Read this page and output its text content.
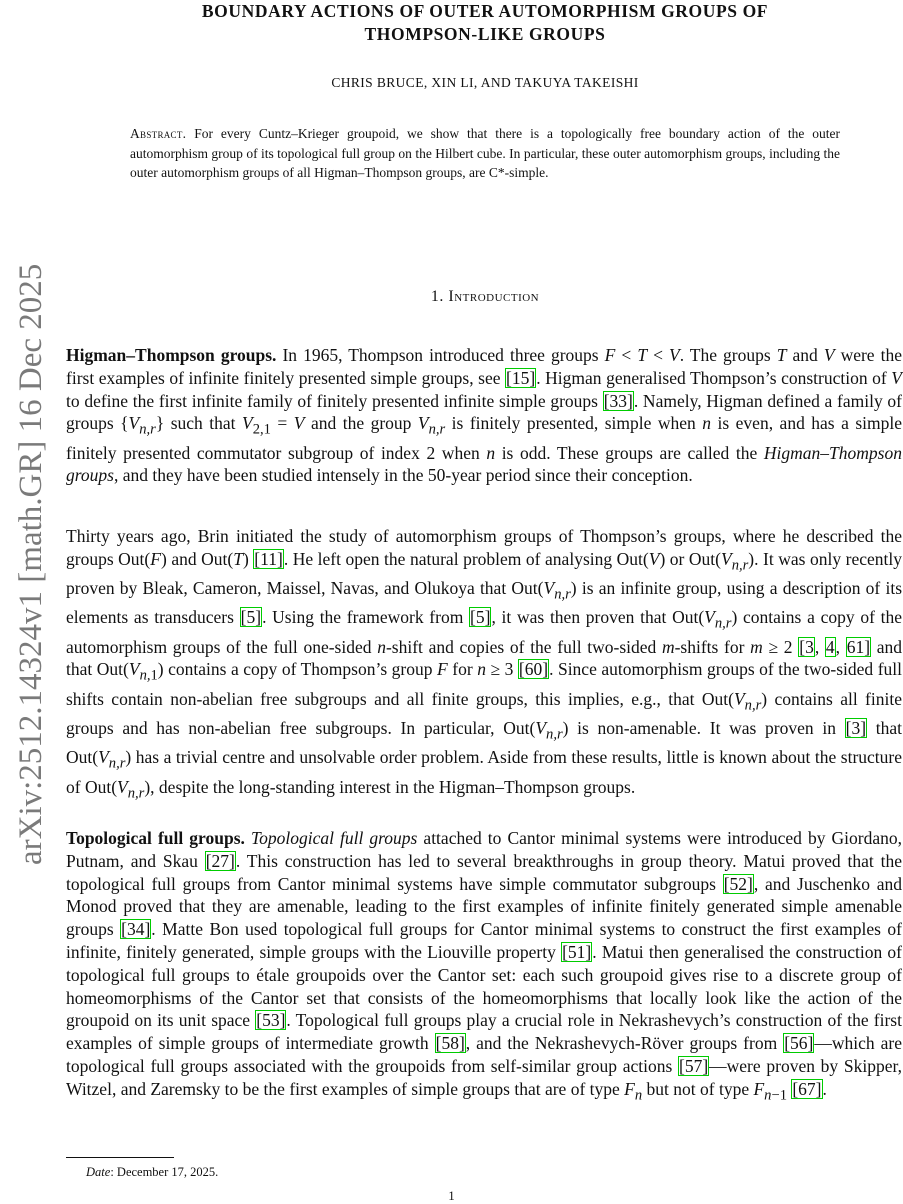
arXiv:2512.14324v1 [math.GR] 16 Dec 2025
BOUNDARY ACTIONS OF OUTER AUTOMORPHISM GROUPS OF
THOMPSON-LIKE GROUPS
CHRIS BRUCE, XIN LI, AND TAKUYA TAKEISHI
Abstract. For every Cuntz–Krieger groupoid, we show that there is a topologically free boundary action of the outer automorphism group of its topological full group on the Hilbert cube. In particular, these outer automorphism groups, including the outer automorphism groups of all Higman–Thompson groups, are C*-simple.
1. Introduction

Higman–Thompson groups. In 1965, Thompson introduced three groups F < T < V. The groups T and V were the first examples of infinite finitely presented simple groups, see [15]. Higman generalised Thompson’s construction of V to define the first infinite family of finitely presented infinite simple groups [33]. Namely, Higman defined a family of groups $\{V_{n,r}\}$ such that $V_{2,1} = V$ and the group $V_{n,r}$ is finitely presented, simple when n is even, and has a simple finitely presented commutator subgroup of index 2 when n is odd. These groups are called the Higman–Thompson groups, and they have been studied intensely in the 50-year period since their conception.

Thirty years ago, Brin initiated the study of automorphism groups of Thompson’s groups, where he described the groups Out(F) and Out(T) [11]. He left open the natural problem of analysing Out(V) or $Out(V_{n,r})$. It was only recently proven by Bleak, Cameron, Maissel, Navas, and Olukoya that $Out(V_{n,r})$ is an infinite group, using a description of its elements as transducers [5]. Using the framework from [5], it was then proven that $Out(V_{n,r})$ contains a copy of the automorphism groups of the full one-sided n-shift and copies of the full two-sided m-shifts for m ≥ 2 [3, 4, 61] and that $Out(V_{n,1})$ contains a copy of Thompson’s group F for n ≥ 3 [60]. Since automorphism groups of the two-sided full shifts contain non-abelian free subgroups and all finite groups, this implies, e.g., that $Out(V_{n,r})$ contains all finite groups and has non-abelian free subgroups. In particular, $Out(V_{n,r})$ is non-amenable. It was proven in [3] that $Out(V_{n,r})$ has a trivial centre and unsolvable order problem. Aside from these results, little is known about the structure of $Out(V_{n,r})$, despite the long-standing interest in the Higman–Thompson groups.

Topological full groups. Topological full groups attached to Cantor minimal systems were introduced by Giordano, Putnam, and Skau [27]. This construction has led to several breakthroughs in group theory. Matui proved that the topological full groups from Cantor minimal systems have simple commutator subgroups [52], and Juschenko and Monod proved that they are amenable, leading to the first examples of infinite finitely generated simple amenable groups [34]. Matte Bon used topological full groups for Cantor minimal systems to construct the first examples of infinite, finitely generated, simple groups with the Liouville property [51]. Matui then generalised the construction of topological full groups to étale groupoids over the Cantor set: each such groupoid gives rise to a discrete group of homeomorphisms of the Cantor set that consists of the homeomorphisms that locally look like the action of the groupoid on its unit space [53]. Topological full groups play a crucial role in Nekrashevych’s construction of the first examples of simple groups of intermediate growth [58], and the Nekrashevych-Röver groups from [56]—which are topological full groups associated with the groupoids from self-similar group actions [57]—were proven by Skipper, Witzel, and Zaremsky to be the first examples of simple groups that are of type $F_n$ but not of type $F_{n-1}$ [67].

Date: December 17, 2025.
1
